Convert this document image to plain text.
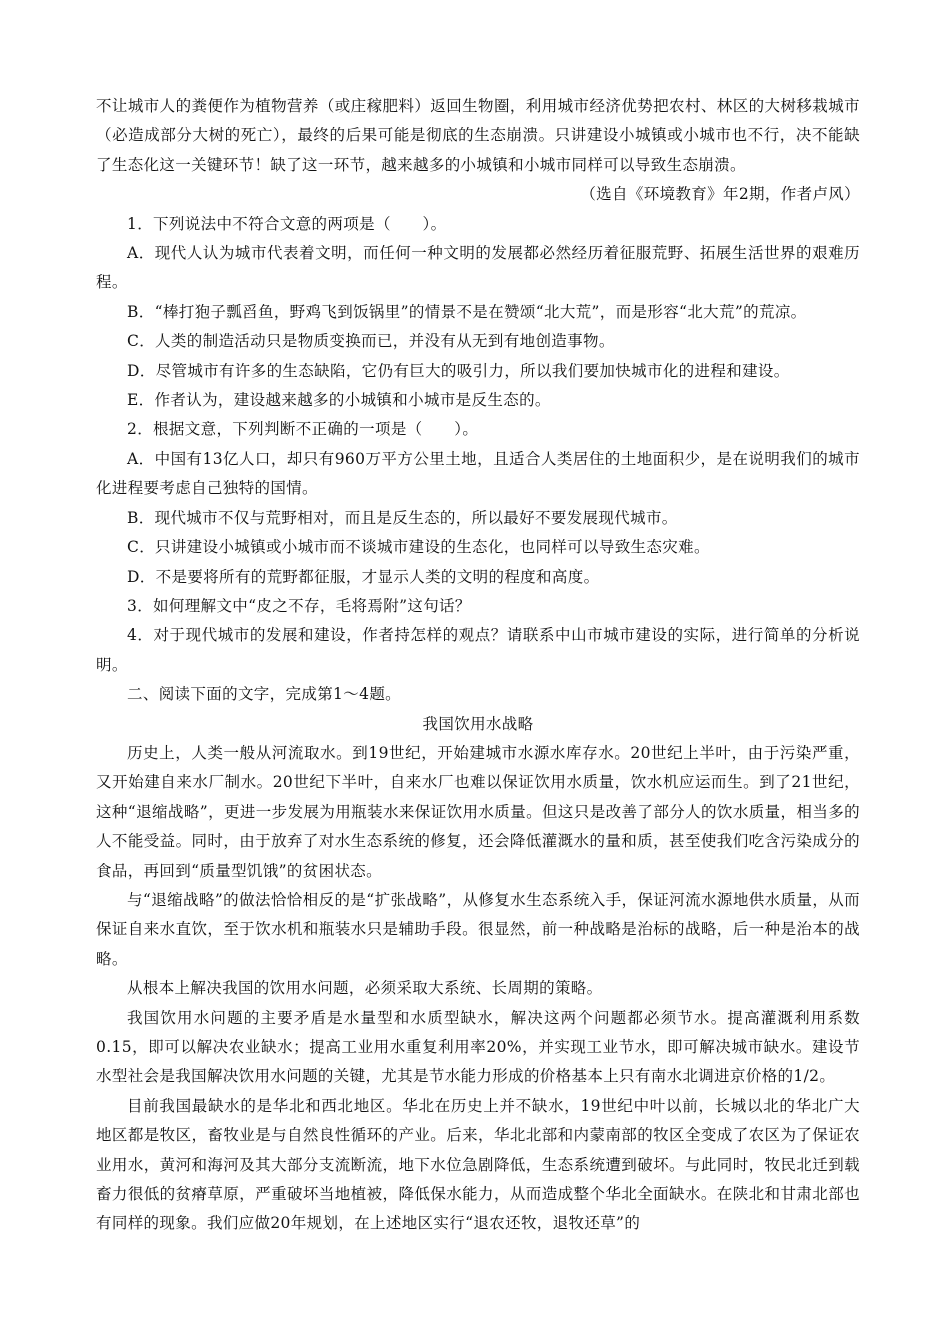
不让城市人的粪便作为植物营养（或庄稼肥料）返回生物圈，利用城市经济优势把农村、林区的大树移栽城市（必造成部分大树的死亡），最终的后果可能是彻底的生态崩溃。只讲建设小城镇或小城市也不行，决不能缺了生态化这一关键环节！缺了这一环节，越来越多的小城镇和小城市同样可以导致生态崩溃。

（选自《环境教育》年2期，作者卢风）

1．下列说法中不符合文意的两项是（　　）。

A．现代人认为城市代表着文明，而任何一种文明的发展都必然经历着征服荒野、拓展生活世界的艰难历程。

B．“棒打狍子瓢舀鱼，野鸡飞到饭锅里”的情景不是在赞颂“北大荒”，而是形容“北大荒”的荒凉。

C．人类的制造活动只是物质变换而已，并没有从无到有地创造事物。

D．尽管城市有许多的生态缺陷，它仍有巨大的吸引力，所以我们要加快城市化的进程和建设。

E．作者认为，建设越来越多的小城镇和小城市是反生态的。

2．根据文意，下列判断不正确的一项是（　　）。

A．中国有13亿人口，却只有960万平方公里土地，且适合人类居住的土地面积少，是在说明我们的城市化进程要考虑自己独特的国情。

B．现代城市不仅与荒野相对，而且是反生态的，所以最好不要发展现代城市。

C．只讲建设小城镇或小城市而不谈城市建设的生态化，也同样可以导致生态灾难。

D．不是要将所有的荒野都征服，才显示人类的文明的程度和高度。

3．如何理解文中“皮之不存，毛将焉附”这句话？

4．对于现代城市的发展和建设，作者持怎样的观点？请联系中山市城市建设的实际，进行简单的分析说明。

二、阅读下面的文字，完成第1～4题。

我国饮用水战略

历史上，人类一般从河流取水。到19世纪，开始建城市水源水库存水。20世纪上半叶，由于污染严重，又开始建自来水厂制水。20世纪下半叶，自来水厂也难以保证饮用水质量，饮水机应运而生。到了21世纪，这种“退缩战略”，更进一步发展为用瓶装水来保证饮用水质量。但这只是改善了部分人的饮水质量，相当多的人不能受益。同时，由于放弃了对水生态系统的修复，还会降低灌溉水的量和质，甚至使我们吃含污染成分的食品，再回到“质量型饥饿”的贫困状态。

与“退缩战略”的做法恰恰相反的是“扩张战略”，从修复水生态系统入手，保证河流水源地供水质量，从而保证自来水直饮，至于饮水机和瓶装水只是辅助手段。很显然，前一种战略是治标的战略，后一种是治本的战略。

从根本上解决我国的饮用水问题，必须采取大系统、长周期的策略。

我国饮用水问题的主要矛盾是水量型和水质型缺水，解决这两个问题都必须节水。提高灌溉利用系数0.15，即可以解决农业缺水；提高工业用水重复利用率20%，并实现工业节水，即可解决城市缺水。建设节水型社会是我国解决饮用水问题的关键，尤其是节水能力形成的价格基本上只有南水北调进京价格的1/2。

目前我国最缺水的是华北和西北地区。华北在历史上并不缺水，19世纪中叶以前，长城以北的华北广大地区都是牧区，畜牧业是与自然良性循环的产业。后来，华北北部和内蒙南部的牧区全变成了农区为了保证农业用水，黄河和海河及其大部分支流断流，地下水位急剧降低，生态系统遭到破坏。与此同时，牧民北迁到载畜力很低的贫瘠草原，严重破坏当地植被，降低保水能力，从而造成整个华北全面缺水。在陕北和甘肃北部也有同样的现象。我们应做20年规划，在上述地区实行“退农还牧，退牧还草”的
